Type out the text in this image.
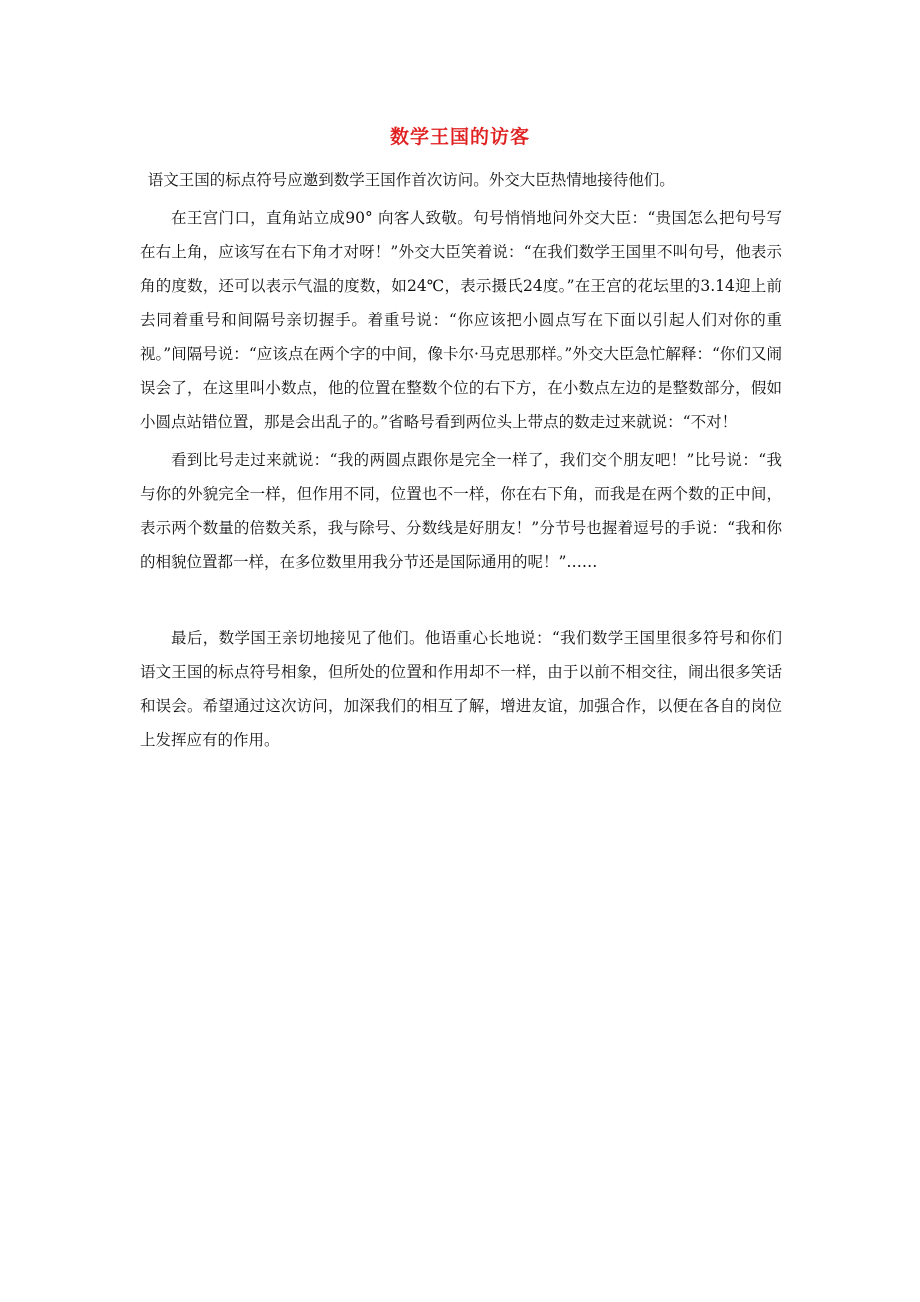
数学王国的访客

语文王国的标点符号应邀到数学王国作首次访问。外交大臣热情地接待他们。

在王宫门口，直角站立成90° 向客人致敬。句号悄悄地问外交大臣：“贵国怎么把句号写在右上角，应该写在右下角才对呀！”外交大臣笑着说：“在我们数学王国里不叫句号，他表示角的度数，还可以表示气温的度数，如24℃，表示摄氏24度。”在王宫的花坛里的3.14迎上前去同着重号和间隔号亲切握手。着重号说：“你应该把小圆点写在下面以引起人们对你的重视。”间隔号说：“应该点在两个字的中间，像卡尔·马克思那样。”外交大臣急忙解释：“你们又闹误会了，在这里叫小数点，他的位置在整数个位的右下方，在小数点左边的是整数部分，假如小圆点站错位置，那是会出乱子的。”省略号看到两位头上带点的数走过来就说：“不对！

看到比号走过来就说：“我的两圆点跟你是完全一样了，我们交个朋友吧！”比号说：“我与你的外貌完全一样，但作用不同，位置也不一样，你在右下角，而我是在两个数的正中间，表示两个数量的倍数关系，我与除号、分数线是好朋友！”分节号也握着逗号的手说：“我和你的相貌位置都一样，在多位数里用我分节还是国际通用的呢！”……

最后，数学国王亲切地接见了他们。他语重心长地说：“我们数学王国里很多符号和你们语文王国的标点符号相象，但所处的位置和作用却不一样，由于以前不相交往，闹出很多笑话和误会。希望通过这次访问，加深我们的相互了解，增进友谊，加强合作，以便在各自的岗位上发挥应有的作用。
